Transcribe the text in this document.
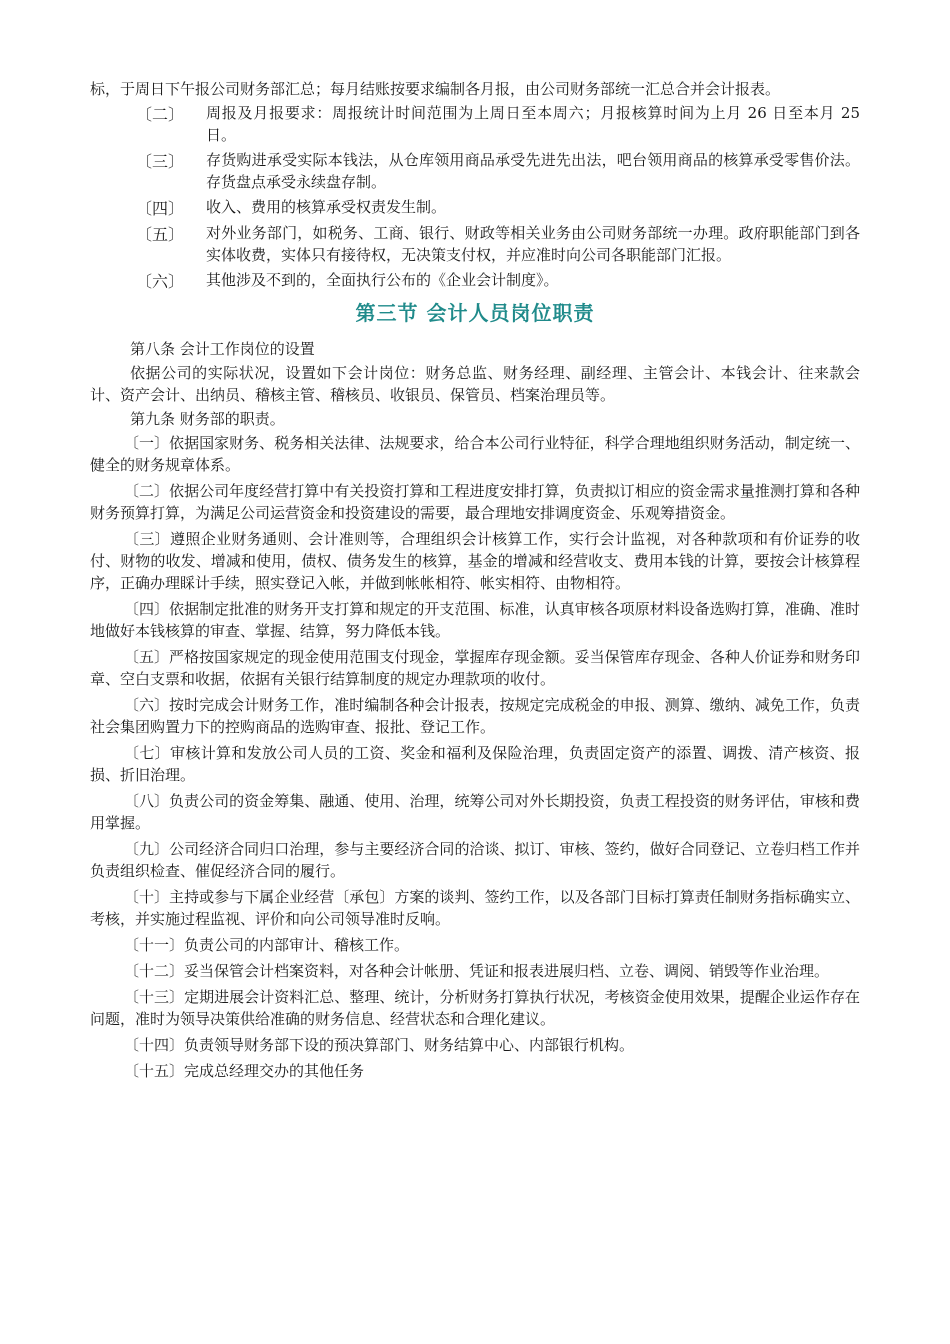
标，于周日下午报公司财务部汇总；每月结账按要求编制各月报，由公司财务部统一汇总合并会计报表。

〔二〕	周报及月报要求：周报统计时间范围为上周日至本周六；月报核算时间为上月 26 日至本月 25 日。

〔三〕	存货购进承受实际本钱法，从仓库领用商品承受先进先出法，吧台领用商品的核算承受零售价法。存货盘点承受永续盘存制。

〔四〕	收入、费用的核算承受权责发生制。

〔五〕	对外业务部门，如税务、工商、银行、财政等相关业务由公司财务部统一办理。政府职能部门到各实体收费，实体只有接待权，无决策支付权，并应准时向公司各职能部门汇报。

〔六〕	其他涉及不到的，全面执行公布的《企业会计制度》。

第三节 会计人员岗位职责

第八条 会计工作岗位的设置

依据公司的实际状况，设置如下会计岗位：财务总监、财务经理、副经理、主管会计、本钱会计、往来款会计、资产会计、出纳员、稽核主管、稽核员、收银员、保管员、档案治理员等。

第九条 财务部的职责。

〔一〕依据国家财务、税务相关法律、法规要求，给合本公司行业特征，科学合理地组织财务活动，制定统一、健全的财务规章体系。

〔二〕依据公司年度经营打算中有关投资打算和工程进度安排打算，负责拟订相应的资金需求量推测打算和各种财务预算打算，为满足公司运营资金和投资建设的需要，最合理地安排调度资金、乐观筹措资金。

〔三〕遵照企业财务通则、会计准则等，合理组织会计核算工作，实行会计监视，对各种款项和有价证券的收付、财物的收发、增减和使用，债权、债务发生的核算，基金的增减和经营收支、费用本钱的计算，要按会计核算程序，正确办理睬计手续，照实登记入帐，并做到帐帐相符、帐实相符、由物相符。

〔四〕依据制定批准的财务开支打算和规定的开支范围、标准，认真审核各项原材料设备选购打算，准确、准时地做好本钱核算的审查、掌握、结算，努力降低本钱。

〔五〕严格按国家规定的现金使用范围支付现金，掌握库存现金额。妥当保管库存现金、各种人价证券和财务印章、空白支票和收据，依据有关银行结算制度的规定办理款项的收付。

〔六〕按时完成会计财务工作，准时编制各种会计报表，按规定完成税金的申报、测算、缴纳、减免工作，负责社会集团购置力下的控购商品的选购审查、报批、登记工作。

〔七〕审核计算和发放公司人员的工资、奖金和福利及保险治理，负责固定资产的添置、调拨、清产核资、报损、折旧治理。

〔八〕负责公司的资金筹集、融通、使用、治理，统筹公司对外长期投资，负责工程投资的财务评估，审核和费用掌握。

〔九〕公司经济合同归口治理，参与主要经济合同的洽谈、拟订、审核、签约，做好合同登记、立卷归档工作并负责组织检查、催促经济合同的履行。

〔十〕主持或参与下属企业经营〔承包〕方案的谈判、签约工作，以及各部门目标打算责任制财务指标确实立、考核，并实施过程监视、评价和向公司领导准时反响。

〔十一〕负责公司的内部审计、稽核工作。

〔十二〕妥当保管会计档案资料，对各种会计帐册、凭证和报表进展归档、立卷、调阅、销毁等作业治理。

〔十三〕定期进展会计资料汇总、整理、统计，分析财务打算执行状况，考核资金使用效果，提醒企业运作存在问题，准时为领导决策供给准确的财务信息、经营状态和合理化建议。

〔十四〕负责领导财务部下设的预决算部门、财务结算中心、内部银行机构。

〔十五〕完成总经理交办的其他任务
